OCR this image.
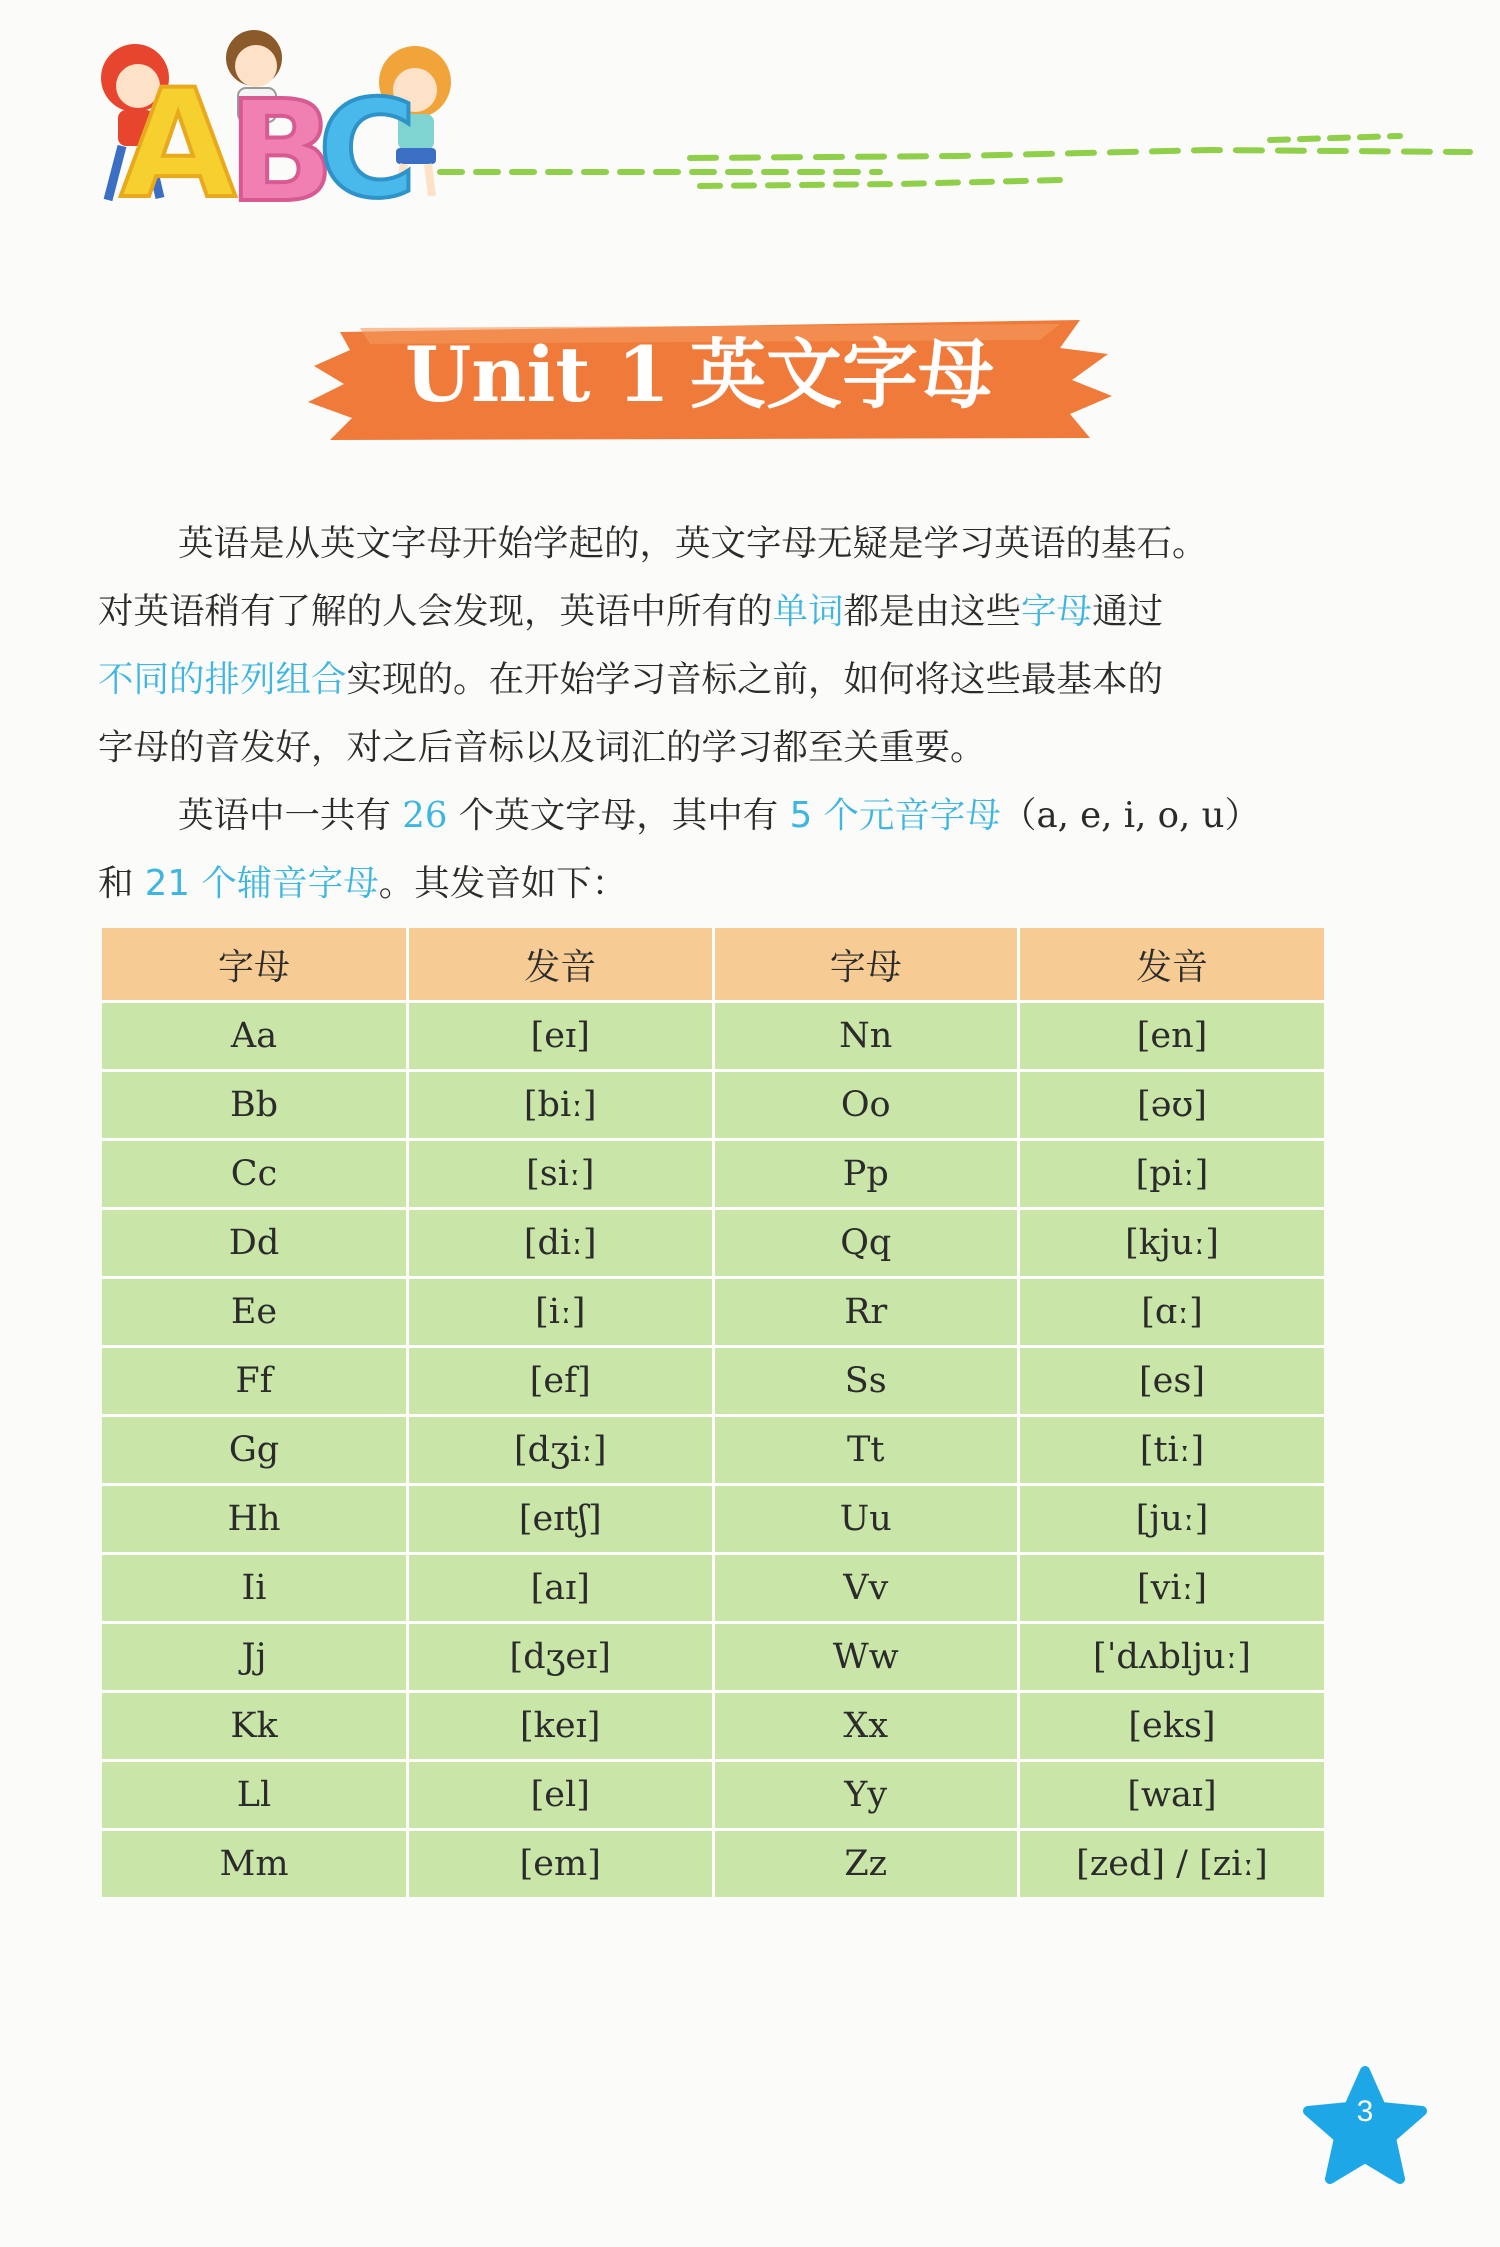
A
B
C
Unit 1 英文字母

英语是从英文字母开始学起的，英文字母无疑是学习英语的基石。
对英语稍有了解的人会发现，英语中所有的单词都是由这些字母通过
不同的排列组合实现的。在开始学习音标之前，如何将这些最基本的
字母的音发好，对之后音标以及词汇的学习都至关重要。

英语中一共有 26 个英文字母，其中有 5 个元音字母（a, e, i, o, u）
和 21 个辅音字母。其发音如下：

字母	发音	字母	发音
Aa	[eɪ]	Nn	[en]
Bb	[biː]	Oo	[əʊ]
Cc	[siː]	Pp	[piː]
Dd	[diː]	Qq	[kjuː]
Ee	[iː]	Rr	[ɑː]
Ff	[ef]	Ss	[es]
Gg	[dʒiː]	Tt	[tiː]
Hh	[eɪtʃ]	Uu	[juː]
Ii	[aɪ]	Vv	[viː]
Jj	[dʒeɪ]	Ww	[ˈdʌbljuː]
Kk	[keɪ]	Xx	[eks]
Ll	[el]	Yy	[waɪ]
Mm	[em]	Zz	[zed] / [ziː]
3
